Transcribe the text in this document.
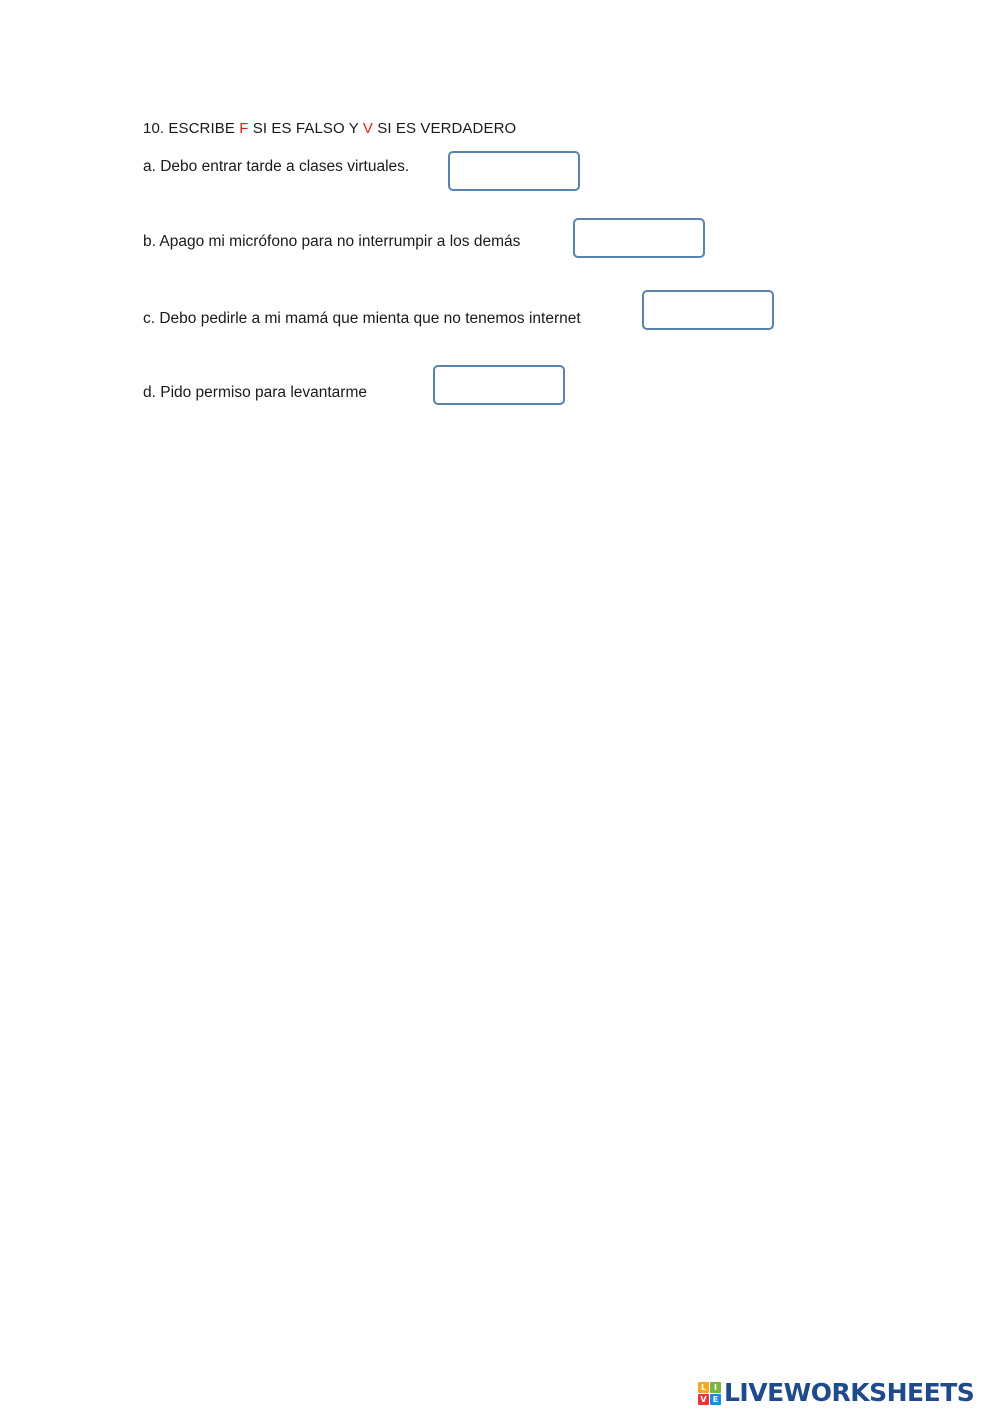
10. ESCRIBE F SI ES FALSO Y V SI ES VERDADERO
a. Debo entrar tarde a clases virtuales.
b. Apago mi micrófono para no interrumpir a los demás
c. Debo pedirle a mi mamá que mienta que no tenemos internet
d. Pido permiso para levantarme
L I
V E LIVEWORKSHEETS
